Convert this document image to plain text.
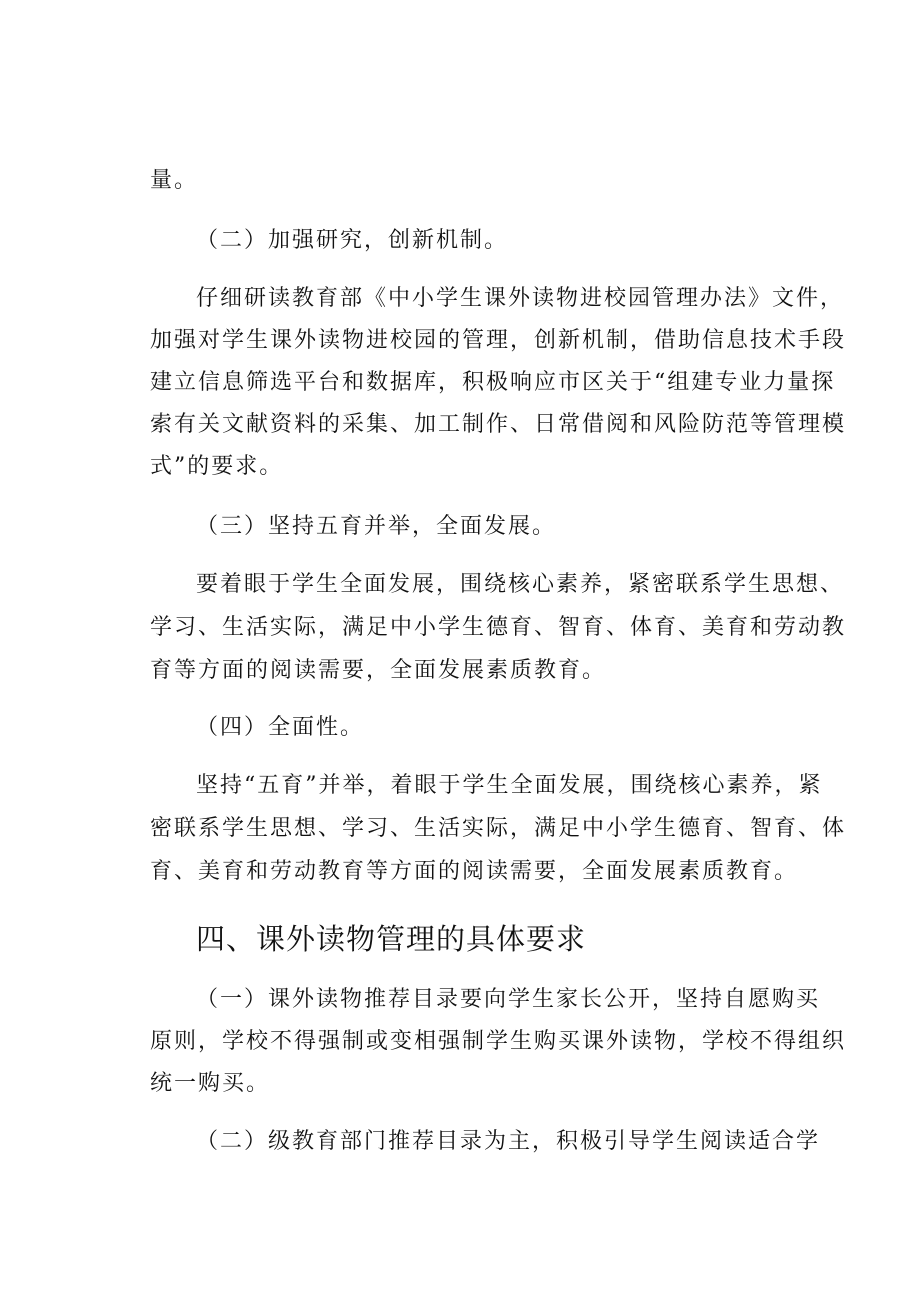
量。
（二）加强研究，创新机制。
仔细研读教育部《中小学生课外读物进校园管理办法》文件，
加强对学生课外读物进校园的管理，创新机制，借助信息技术手段
建立信息筛选平台和数据库，积极响应市区关于“组建专业力量探
索有关文献资料的采集、加工制作、日常借阅和风险防范等管理模
式”的要求。
（三）坚持五育并举，全面发展。
要着眼于学生全面发展，围绕核心素养，紧密联系学生思想、
学习、生活实际，满足中小学生德育、智育、体育、美育和劳动教
育等方面的阅读需要，全面发展素质教育。
（四）全面性。
坚持“五育”并举，着眼于学生全面发展，围绕核心素养，紧
密联系学生思想、学习、生活实际，满足中小学生德育、智育、体
育、美育和劳动教育等方面的阅读需要，全面发展素质教育。
四、课外读物管理的具体要求
（一）课外读物推荐目录要向学生家长公开，坚持自愿购买
原则，学校不得强制或变相强制学生购买课外读物，学校不得组织
统一购买。
（二）级教育部门推荐目录为主，积极引导学生阅读适合学
